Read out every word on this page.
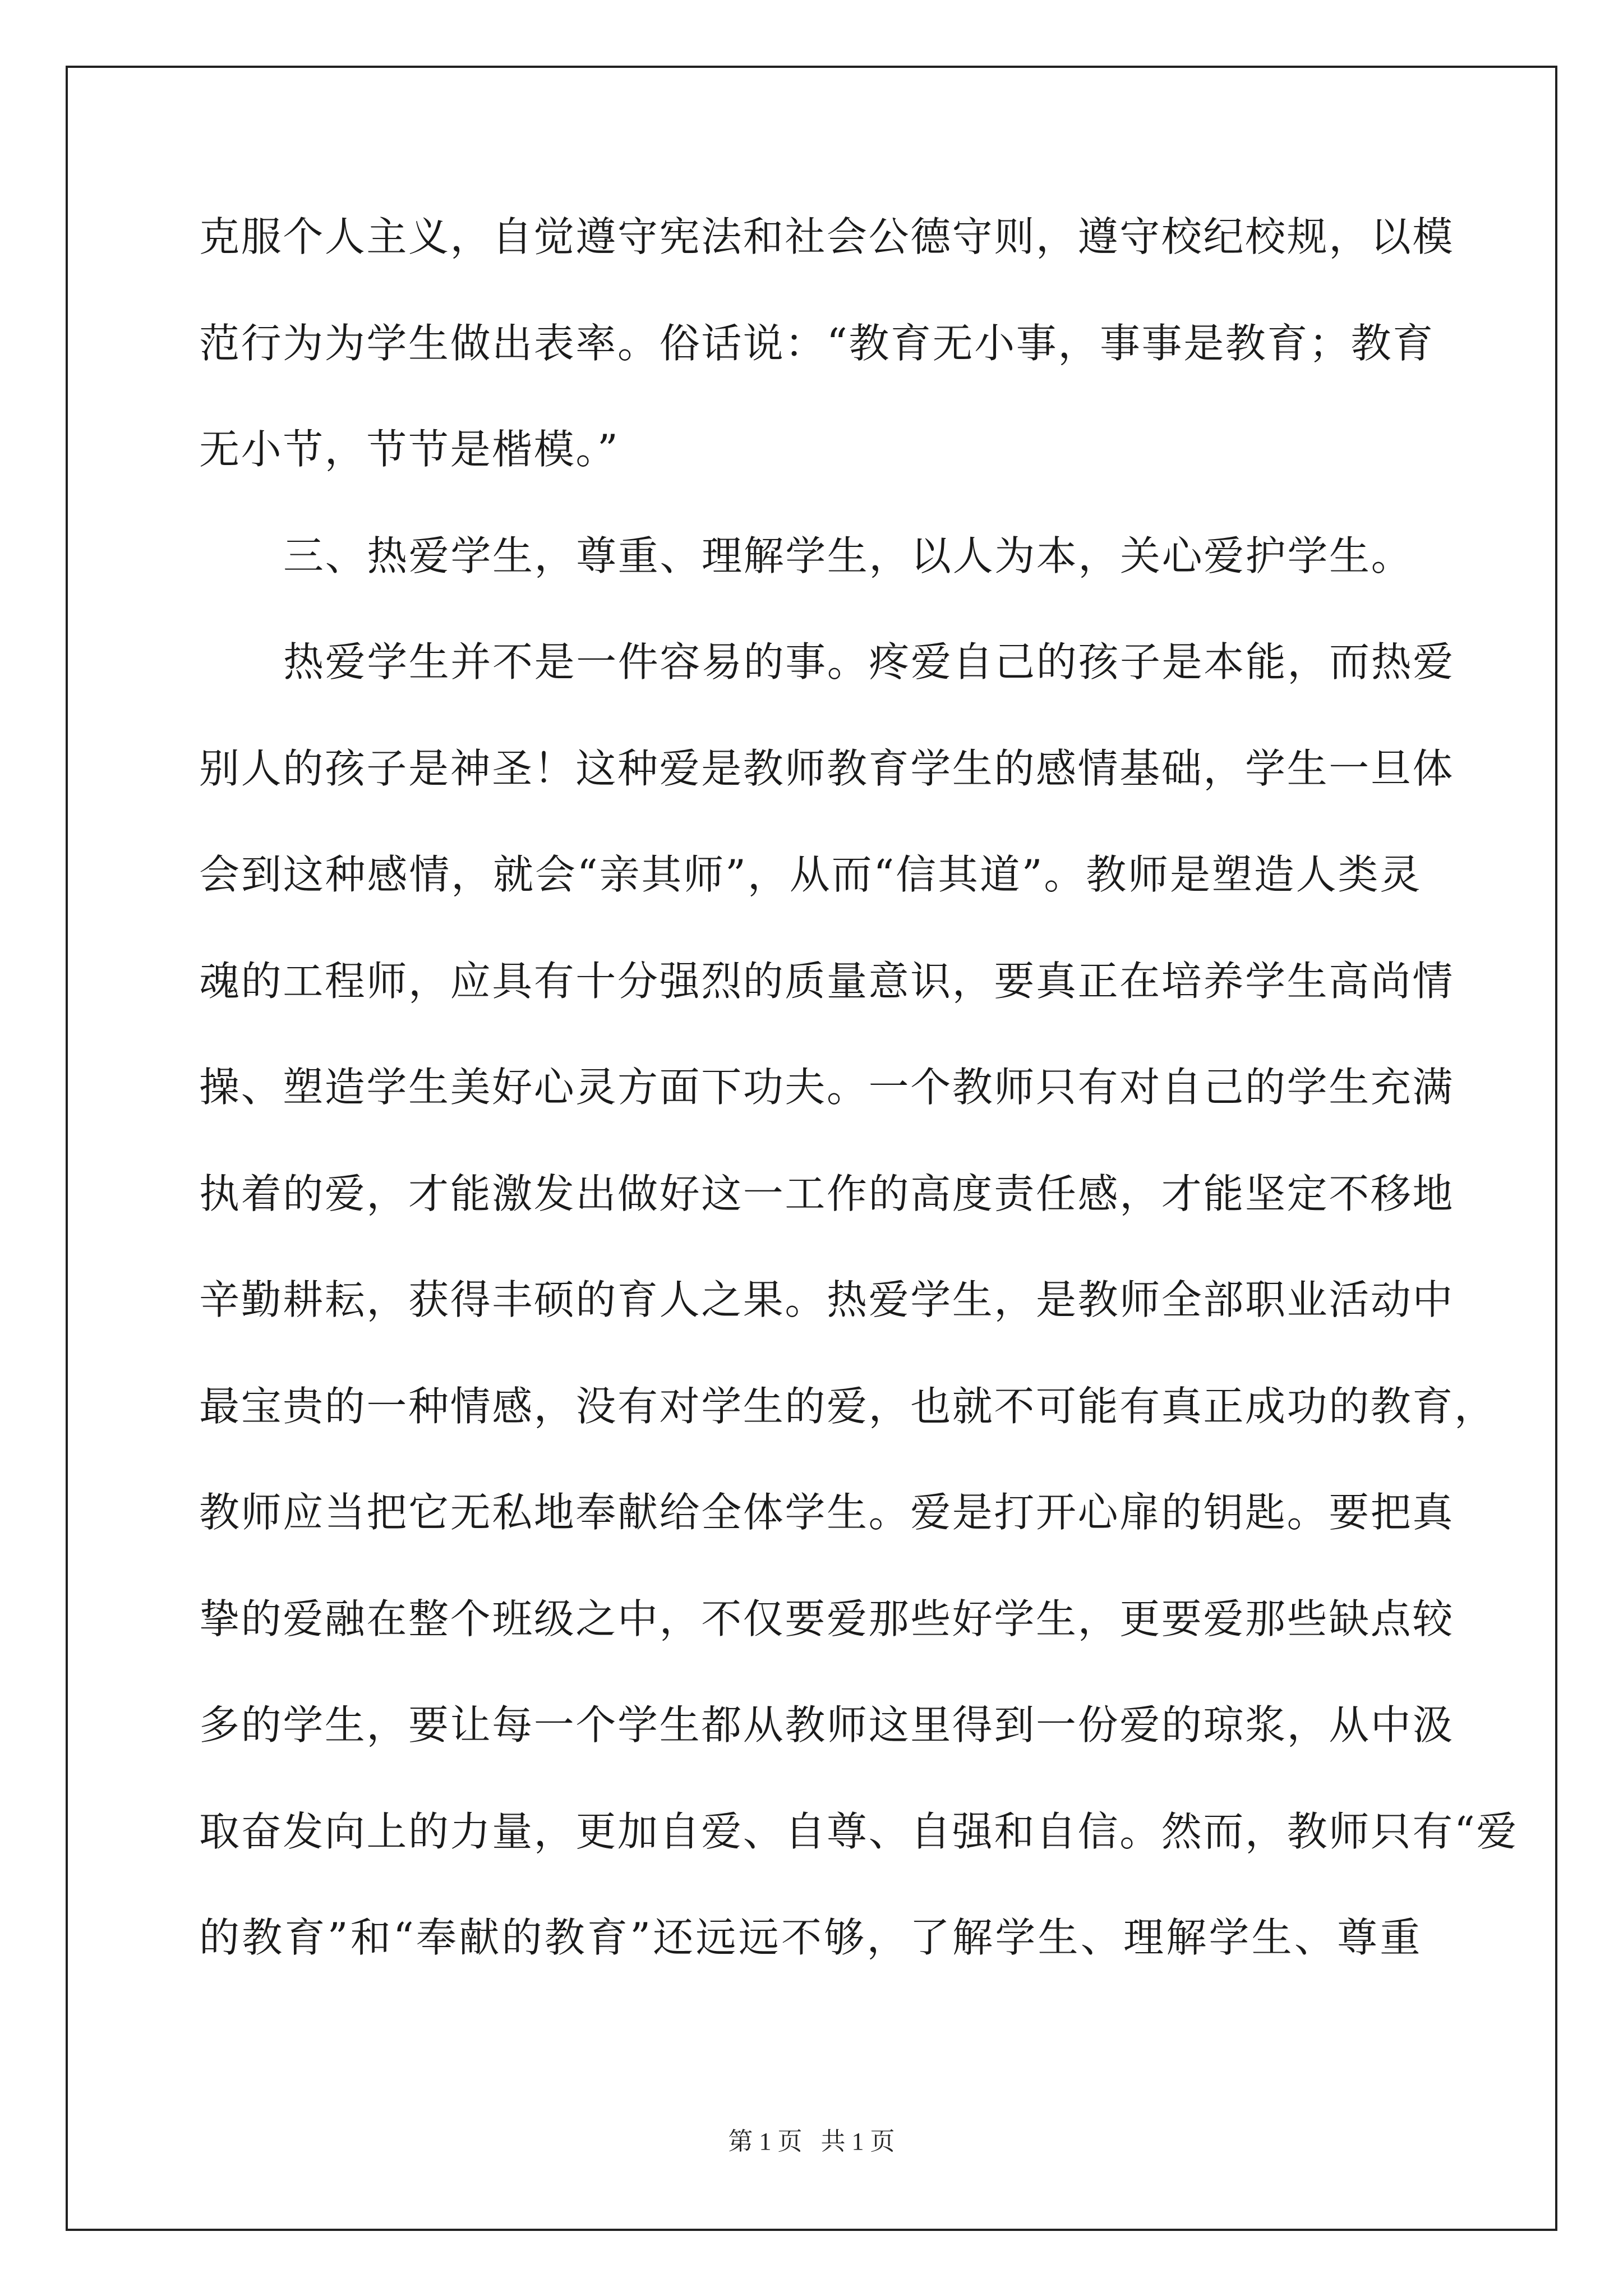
克服个人主义，自觉遵守宪法和社会公德守则，遵守校纪校规，以模
范行为为学生做出表率。俗话说：“教育无小事，事事是教育；教育
无小节，节节是楷模。”
三、热爱学生，尊重、理解学生，以人为本，关心爱护学生。
热爱学生并不是一件容易的事。疼爱自己的孩子是本能，而热爱
别人的孩子是神圣！这种爱是教师教育学生的感情基础，学生一旦体
会到这种感情，就会“亲其师”，从而“信其道”。教师是塑造人类灵
魂的工程师，应具有十分强烈的质量意识，要真正在培养学生高尚情
操、塑造学生美好心灵方面下功夫。一个教师只有对自己的学生充满
执着的爱，才能激发出做好这一工作的高度责任感，才能坚定不移地
辛勤耕耘，获得丰硕的育人之果。热爱学生，是教师全部职业活动中
最宝贵的一种情感，没有对学生的爱，也就不可能有真正成功的教育，
教师应当把它无私地奉献给全体学生。爱是打开心扉的钥匙。要把真
挚的爱融在整个班级之中，不仅要爱那些好学生，更要爱那些缺点较
多的学生，要让每一个学生都从教师这里得到一份爱的琼浆，从中汲
取奋发向上的力量，更加自爱、自尊、自强和自信。然而，教师只有“爱
的教育”和“奉献的教育”还远远不够，了解学生、理解学生、尊重
第 1 页 共 1 页
